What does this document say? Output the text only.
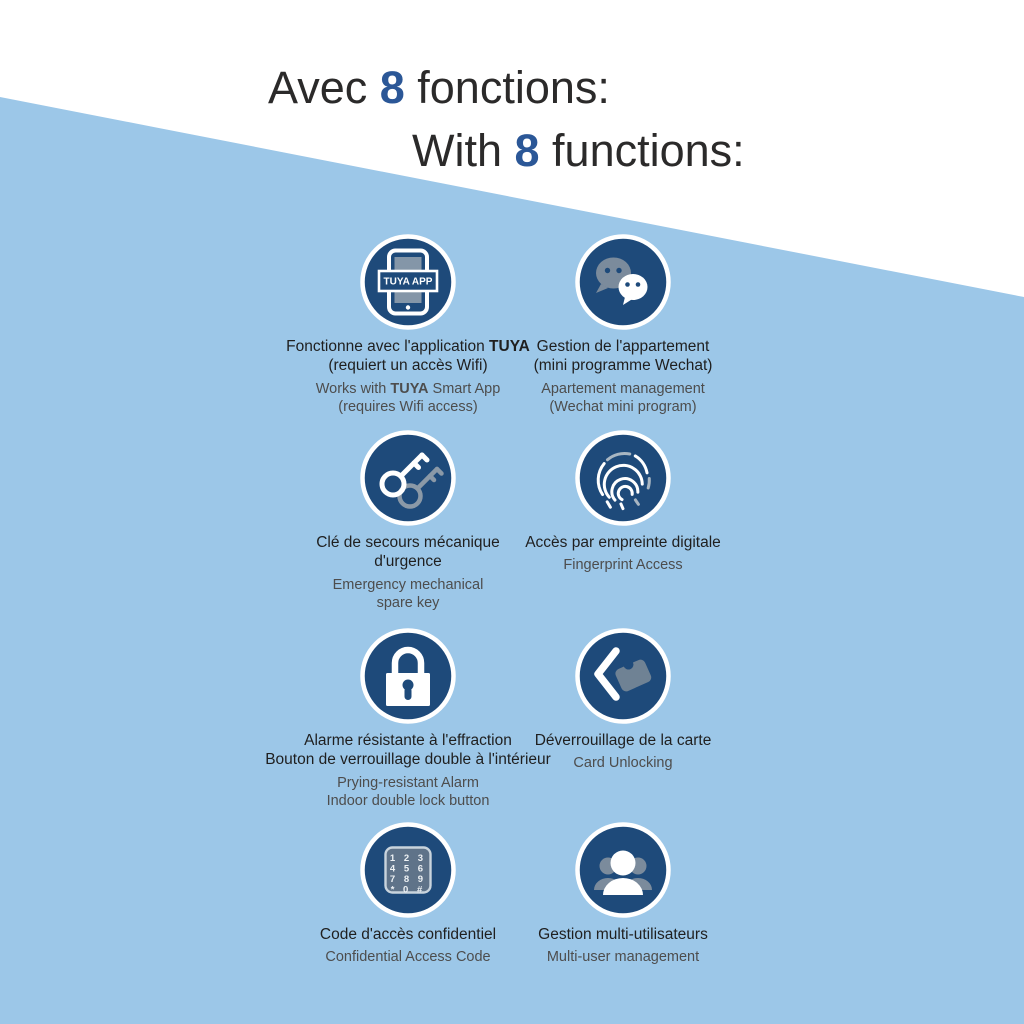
Avec 8 fonctions:
With 8 functions:
TUYA APP
Fonctionne avec l'application TUYA
(requiert un accès Wifi)
Works with TUYA Smart App
(requires Wifi access)
Gestion de l'appartement
(mini programme Wechat)
Apartement management
(Wechat mini program)
Clé de secours mécanique
d'urgence
Emergency mechanical
spare key
Accès par empreinte digitale
Fingerprint Access
Alarme résistante à l'effraction
Bouton de verrouillage double à l'intérieur
Prying-resistant Alarm
Indoor double lock button
Déverrouillage de la carte
Card Unlocking
1 2 3
4 5 6
7 8 9
* 0 #
Code d'accès confidentiel
Confidential Access Code
Gestion multi-utilisateurs
Multi-user management
